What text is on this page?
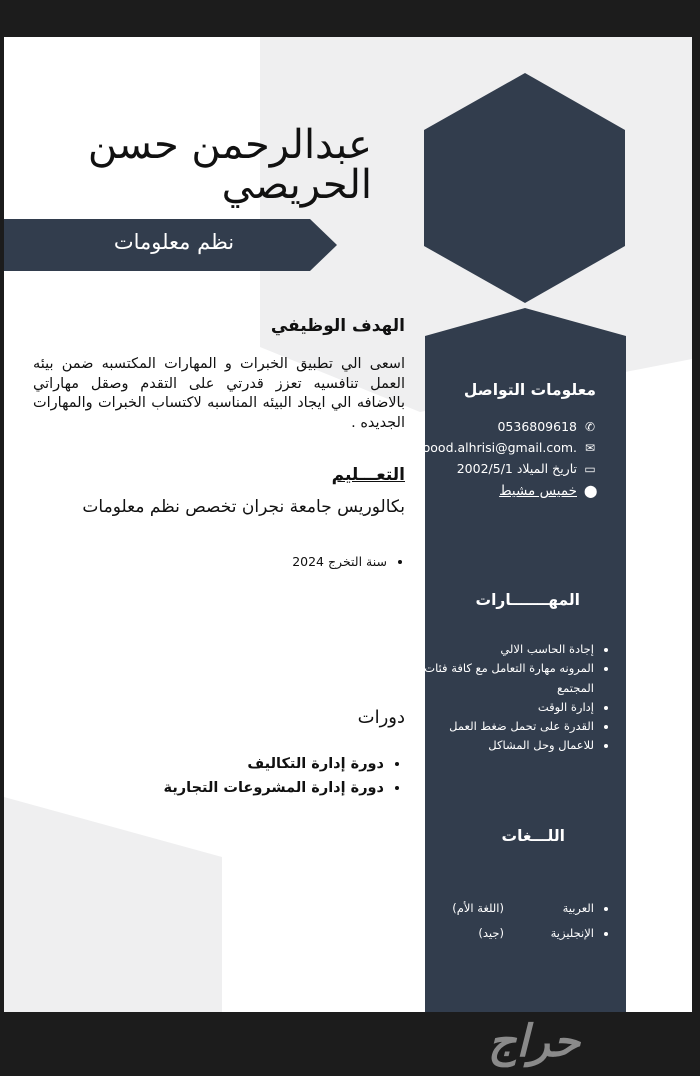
عبدالرحمن حسن
الحريصي
نظم معلومات
الهدف الوظيفي
اسعى الي تطبيق الخبرات و المهارات المكتسبه ضمن بيئه العمل تنافسيه تعزز قدرتي على التقدم وصقل مهاراتي بالاضافه الي ايجاد البيئه المناسبه لاكتساب الخبرات والمهارات الجديده .
التعـــليم
بكالوريس جامعة نجران تخصص نظم معلومات
• سنة التخرج 2024
دورات
• دورة إدارة التكاليف
• دورة إدارة المشروعات التجارية
معلومات التواصل
✆
0536809618
✉
3boood.alhrisi@gmail.com.
▭
تاريخ الميلاد 2002/5/1
⬤
خميس مشيط
المهـــــــارات
• إجادة الحاسب الالي
• المرونه مهارة التعامل مع كافة فئات المجتمع
• إدارة الوقت
• القدرة على تحمل ضغط العمل
• للاعمال وحل المشاكل
اللـــغات
• العربية
(اللغة الأم)
• الإنجليزية
(جيد)
حراج
